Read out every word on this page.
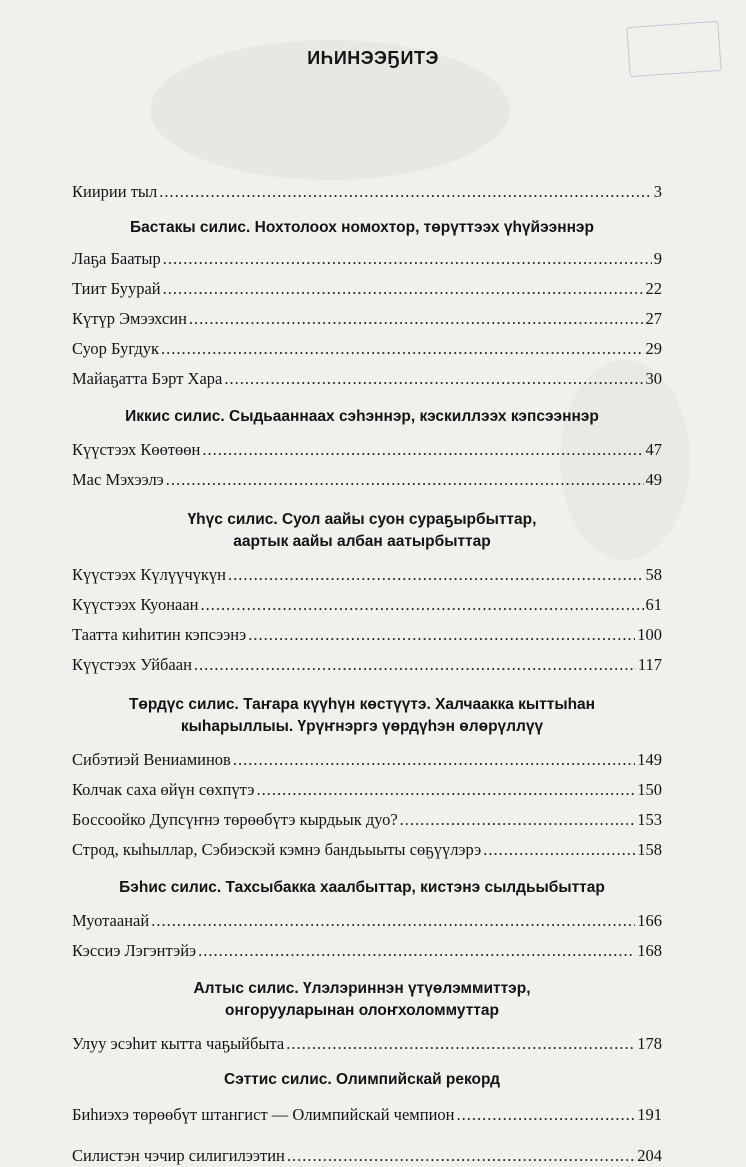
ИҺИНЭЭҔИТЭ
Киирии тыл .....	3
Бастакы силис. Нохтолоох номохтор, төрүттээх үһүйээннэр
Лаҕа Баатыр .....	9
Тиит Буурай .....	22
Күтүр Эмээхсин .....	27
Суор Бугдук .....	29
Майаҕатта Бэрт Хара .....	30
Иккис силис. Сыдьааннаах сэһэннэр, кэскиллээх кэпсээннэр
Күүстээх Көөтөөн .....	47
Мас Мэхээлэ .....	49
Үһүс силис. Суол аайы суон сураҕырбыттар,
аартык аайы албан аатырбыттар
Күүстээх Күлүүчүкүн .....	58
Күүстээх Куонаан .....	61
Таатта киһитин кэпсээнэ .....	100
Күүстээх Уйбаан .....	117
Төрдүс силис. Таҥара күүһүн көстүүтэ. Халчаакка кыттыһан
кыһарыллыы. Үрүҥнэргэ үөрдүһэн өлөрүллүү
Сибэтиэй Вениаминов .....	149
Колчак саха өйүн сөхпүтэ .....	150
Боссоойко Дупсүҥнэ төрөөбүтэ кырдьык дуо? .....	153
Строд, кыһыллар, Сэбиэскэй кэмнэ бандьыыты сөҕүүлэрэ .....	158
Бэһис силис. Тахсыбакка хаалбыттар, кистэнэ сылдьыбыттар
Муотаанай .....	166
Кэссиэ Лэгэнтэйэ .....	168
Алтыс силис. Үлэлэриннэн үтүөлэммиттэр,
онгорууларынан олоҥхоломмуттар
Улуу эсэһит кытта чаҕыйбыта .....	178
Сэттис силис. Олимпийскай рекорд
Биһиэхэ төрөөбүт штангист — Олимпийскай чемпион .....	191
Силистэн чэчир силигилээтин .....	204
